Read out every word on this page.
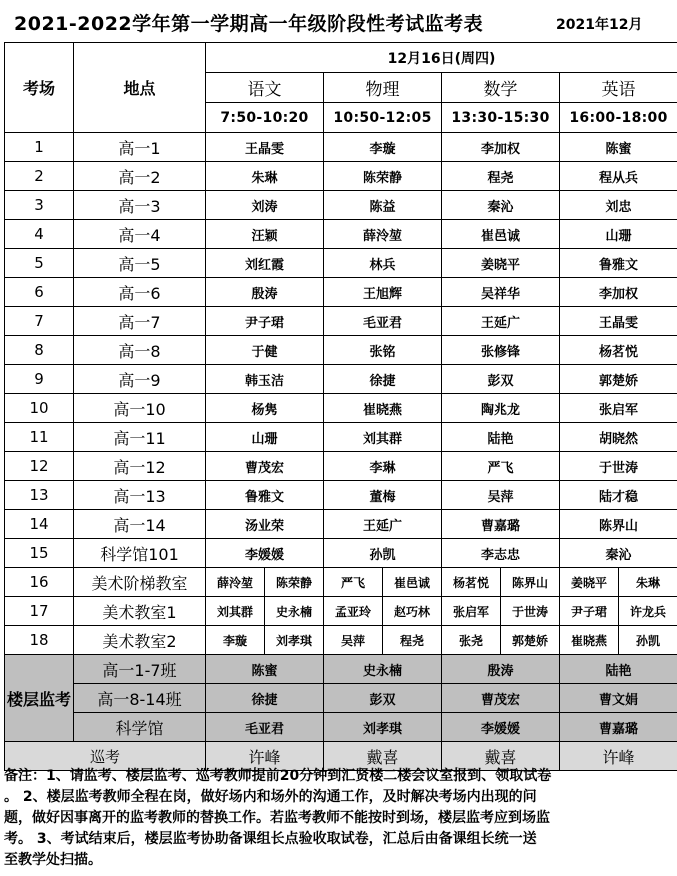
2021-2022学年第一学期高一年级阶段性考试监考表	2021年12月
考场	地点	12月16日(周四)							
		语文		物理		数学		英语	
		7:50-10:20		10:50-12:05		13:30-15:30		16:00-18:00	
1	高一1	王晶雯		李璇		李加权		陈蜜	
2	高一2	朱琳		陈荣静		程尧		程从兵	
3	高一3	刘涛		陈益		秦沁		刘忠	
4	高一4	汪颖		薛泠堃		崔邑诚		山珊	
5	高一5	刘红霞		林兵		姜晓平		鲁雅文	
6	高一6	殷涛		王旭辉		吴祥华		李加权	
7	高一7	尹子珺		毛亚君		王延广		王晶雯	
8	高一8	于健		张铭		张修锋		杨茗悦	
9	高一9	韩玉洁		徐捷		彭双		郭楚娇	
10	高一10	杨隽		崔晓燕		陶兆龙		张启军	
11	高一11	山珊		刘其群		陆艳		胡晓然	
12	高一12	曹茂宏		李琳		严飞		于世涛	
13	高一13	鲁雅文		董梅		吴萍		陆才稳	
14	高一14	汤业荣		王延广		曹嘉璐		陈界山	
15	科学馆101	李媛媛		孙凯		李志忠		秦沁	
16	美术阶梯教室	薛泠堃	陈荣静	严飞	崔邑诚	杨茗悦	陈界山	姜晓平	朱琳
17	美术教室1	刘其群	史永楠	孟亚玲	赵巧林	张启军	于世涛	尹子珺	许龙兵
18	美术教室2	李璇	刘孝琪	吴萍	程尧	张尧	郭楚娇	崔晓燕	孙凯
楼层监考	高一1-7班	陈蜜		史永楠		殷涛		陆艳	
	高一8-14班	徐捷		彭双		曹茂宏		曹文娟	
	科学馆	毛亚君		刘孝琪		李媛媛		曹嘉璐	
巡考		许峰		戴喜		戴喜		许峰	
备注：1、请监考、楼层监考、巡考教师提前20分钟到汇贤楼二楼会议室报到、领取试卷
。 2、楼层监考教师全程在岗，做好场内和场外的沟通工作，及时解决考场内出现的问
题，做好因事离开的监考教师的替换工作。若监考教师不能按时到场，楼层监考应到场监
考。 3、考试结束后，楼层监考协助备课组长点验收取试卷，汇总后由备课组长统一送
至教学处扫描。
